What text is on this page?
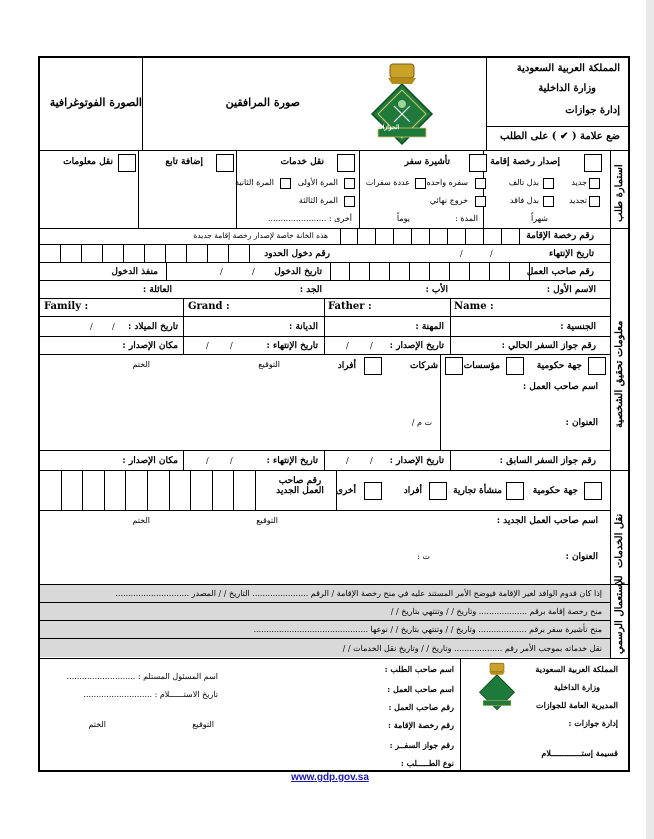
الصورة الفوتوغرافية	صورة المرافقين
الجوازات
المملكة العربية السعودية
وزارة الداخلية
إدارة جوازات
ضع علامة ( ✔ ) على الطلب
استمارة طلب
إصدار رخصة إقامة
جديد
بدل تالف
تجديد
بدل فاقد
شهراً
تأشيرة سفر
سفره واحده
عددة سفرات
خروج نهائي
المدة :
يوماً
نقل خدمات
المرة الأولى
المرة الثانية
المرة الثالثة
أخرى : .......................
إضافة تابع
نقل معلومات
معلومات تحقيق الشخصية
رقم رخصة الإقامة
هذه الخانة خاصة لإصدار رخصة إقامة جديدة
تاريخ الإنتهاء
/
/
رقم دخول الحدود
رقم صاحب العمل
تاريخ الدخول
/
/
منفذ الدخول
الاسم الأول :
الأب :
الجد :
العائلة :
Name :
Father :
Grand :
Family :
الجنسية :
المهنة :
الديانة :
تاريخ الميلاد :
/
/
رقم جواز السفر الحالي :
تاريخ الإصدار :
/
/
تاريخ الإنتهاء :
/
/
مكان الإصدار :
جهة حكومية
مؤسسات
شركات
أفراد
اسم صاحب العمل :
العنوان :
ت م /
التوقيع
الختم
رقم جواز السفر السابق :
تاريخ الإصدار :
/
/
تاريخ الإنتهاء :
/
/
مكان الإصدار :
نقل الخدمات
جهة حكومية
منشأة تجارية
أفراد
أخرى
رقم صاحب العمل الجديد
اسم صاحب العمل الجديد :
التوقيع
الختم
العنوان :
ت :
للإستعمال الرسمي
إذا كان قدوم الوافد لغير الإقامة فيوضح الأمر المستند عليه في منح رخصة الإقامة / الرقم ...................... التاريخ / / المصدر .............................
منح رخصة إقامة برقم ................... وتاريخ / / وتنتهي بتاريخ / /
منح تأشيرة سفر برقم ................... وتاريخ / / وتنتهي بتاريخ / / نوعها .............................................
نقل خدماته بموجب الأمر رقم ................... وتاريخ / / وتاريخ نقل الخدمات / /
المملكة العربية السعودية
وزارة الداخلية
المديرية العامة للجوازات
إدارة جوازات :
قسيمة إستـــــــــــــلام
اسم صاحب الطلب :
اسم صاحب العمل :
رقم صاحب العمل :
رقم رخصة الإقامة :
رقم جواز السفــر :
نوع الطـــــلب :
اسم المسئول المستلم : ...........................
تاريخ الاستــــــلام : ...........................
التوقيع
الختم
www.gdp.gov.sa
